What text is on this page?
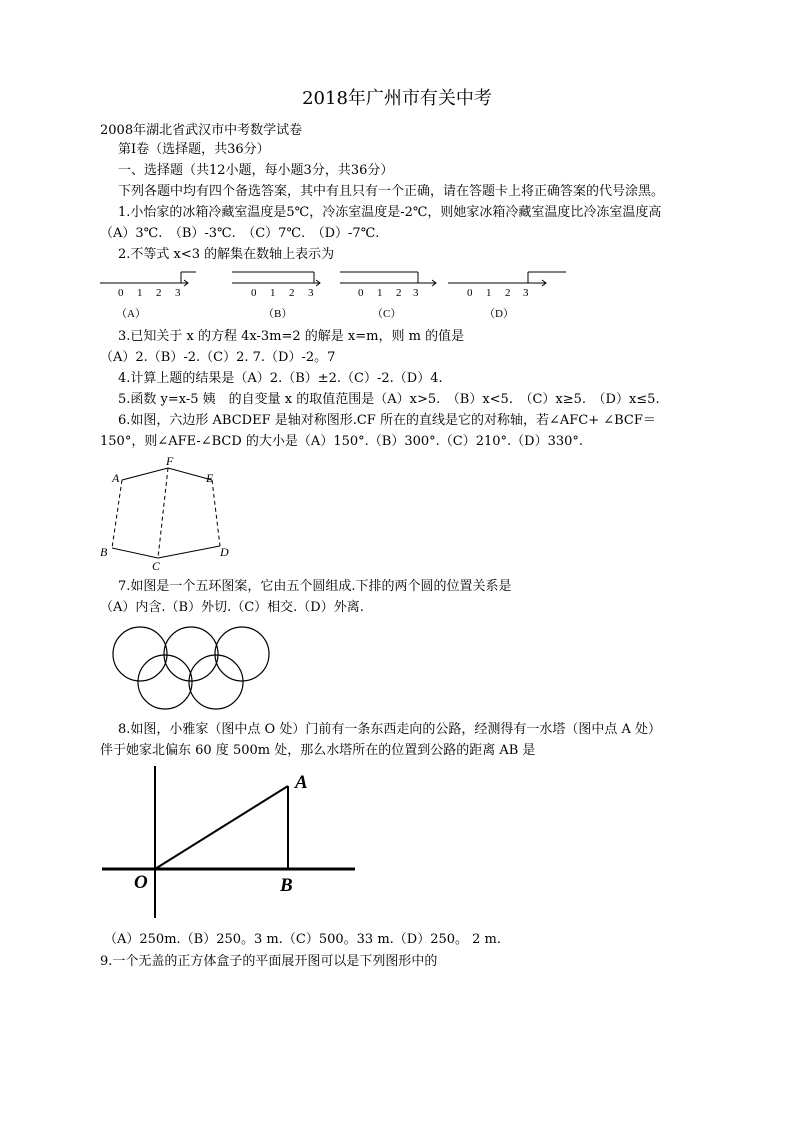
2018年广州市有关中考
2008年湖北省武汉市中考数学试卷
第Ⅰ卷（选择题，共36分）
一、选择题（共12小题，每小题3分，共36分）
下列各题中均有四个备选答案，其中有且只有一个正确，请在答题卡上将正确答案的代号涂黑。
1.小怡家的冰箱冷藏室温度是5℃，冷冻室温度是-2℃，则她家冰箱冷藏室温度比冷冻室温度高
（A）3℃.　（B）-3℃.　（C）7℃.　（D）-7℃.
2.不等式 x<3 的解集在数轴上表示为
0 1 2 3	0 1 2 3	0 1 2 3	0 1 2 3
（A）	（B）	（C）	（D）
3.已知关于 x 的方程 4x-3m=2 的解是 x=m，则 m 的值是
（A）2.（B）-2.（C）2. 7.（D）-2。7
4.计算上题的结果是（A）2.（B）±2.（C）-2.（D）4.
5.函数 y=x-5 姨　的自变量 x 的取值范围是（A）x>5.　（B）x<5.　（C）x≥5.　（D）x≤5.
6.如图，六边形 ABCDEF 是轴对称图形.CF 所在的直线是它的对称轴，若∠AFC+ ∠BCF＝
150°，则∠AFE-∠BCD 的大小是（A）150°.（B）300°.（C）210°.（D）330°.
A
F
E
B
C
D
7.如图是一个五环图案，它由五个圆组成.下排的两个圆的位置关系是
（A）内含.（B）外切.（C）相交.（D）外离.
8.如图，小雅家（图中点 O 处）门前有一条东西走向的公路，经测得有一水塔（图中点 A 处）
伴于她家北偏东 60 度 500m 处，那么水塔所在的位置到公路的距离 AB 是
A
O	B
（A）250m.（B）250。3 m.（C）500。33 m.（D）250。 2 m.
9.一个无盖的正方体盒子的平面展开图可以是下列图形中的
